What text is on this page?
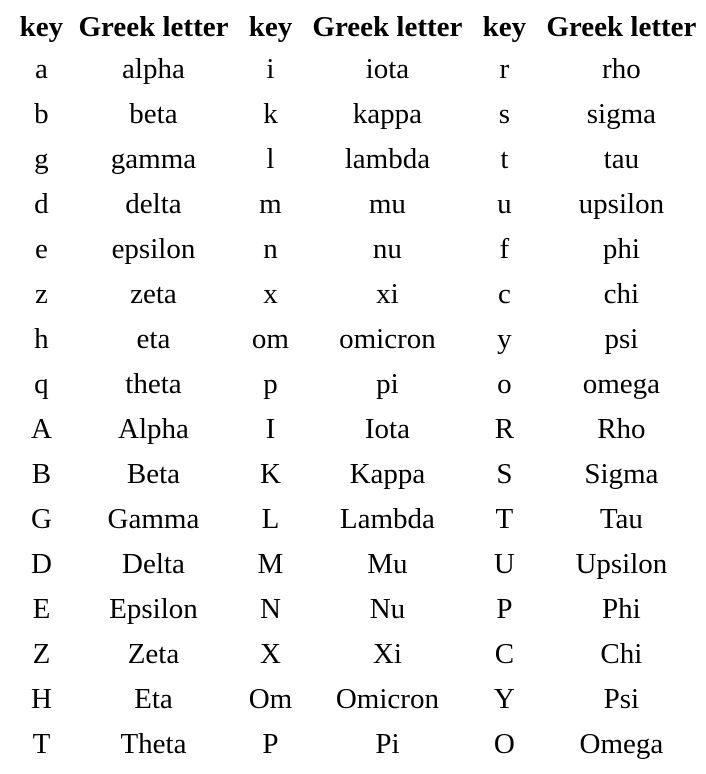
key	Greek letter	key	Greek letter	key	Greek letter
a	alpha	i	iota	r	rho
b	beta	k	kappa	s	sigma
g	gamma	l	lambda	t	tau
d	delta	m	mu	u	upsilon
e	epsilon	n	nu	f	phi
z	zeta	x	xi	c	chi
h	eta	om	omicron	y	psi
q	theta	p	pi	o	omega
A	Alpha	I	Iota	R	Rho
B	Beta	K	Kappa	S	Sigma
G	Gamma	L	Lambda	T	Tau
D	Delta	M	Mu	U	Upsilon
E	Epsilon	N	Nu	P	Phi
Z	Zeta	X	Xi	C	Chi
H	Eta	Om	Omicron	Y	Psi
T	Theta	P	Pi	O	Omega
